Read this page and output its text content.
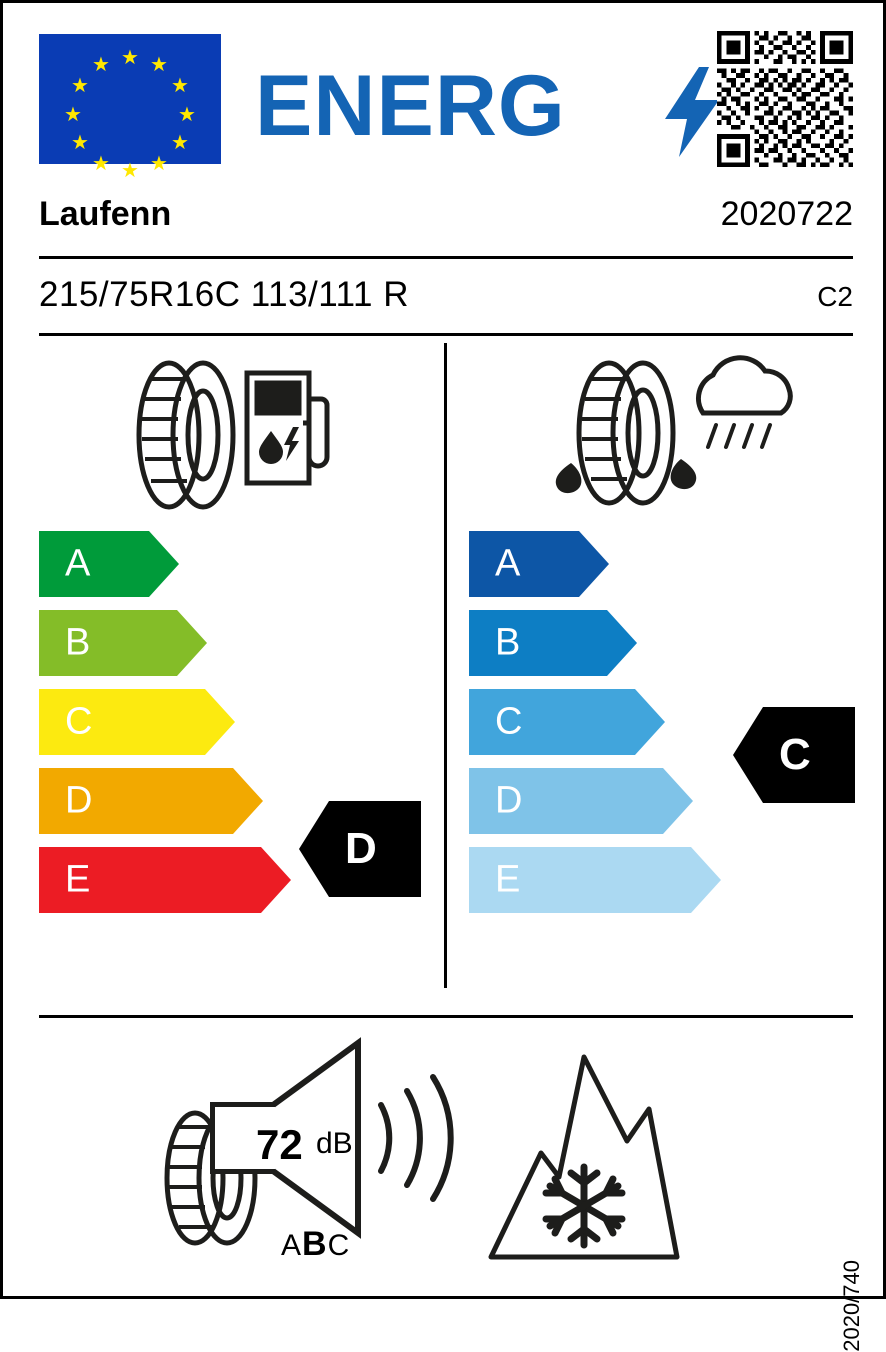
★ ★
★
★
★
★
★
★
★
★
★
★ ENERG
Laufenn	2020722
215/75R16C 113/111 R	C2
A
B
C
D
E
A
B
C
D
E
D
C
72 dB
ABC
2020/740
